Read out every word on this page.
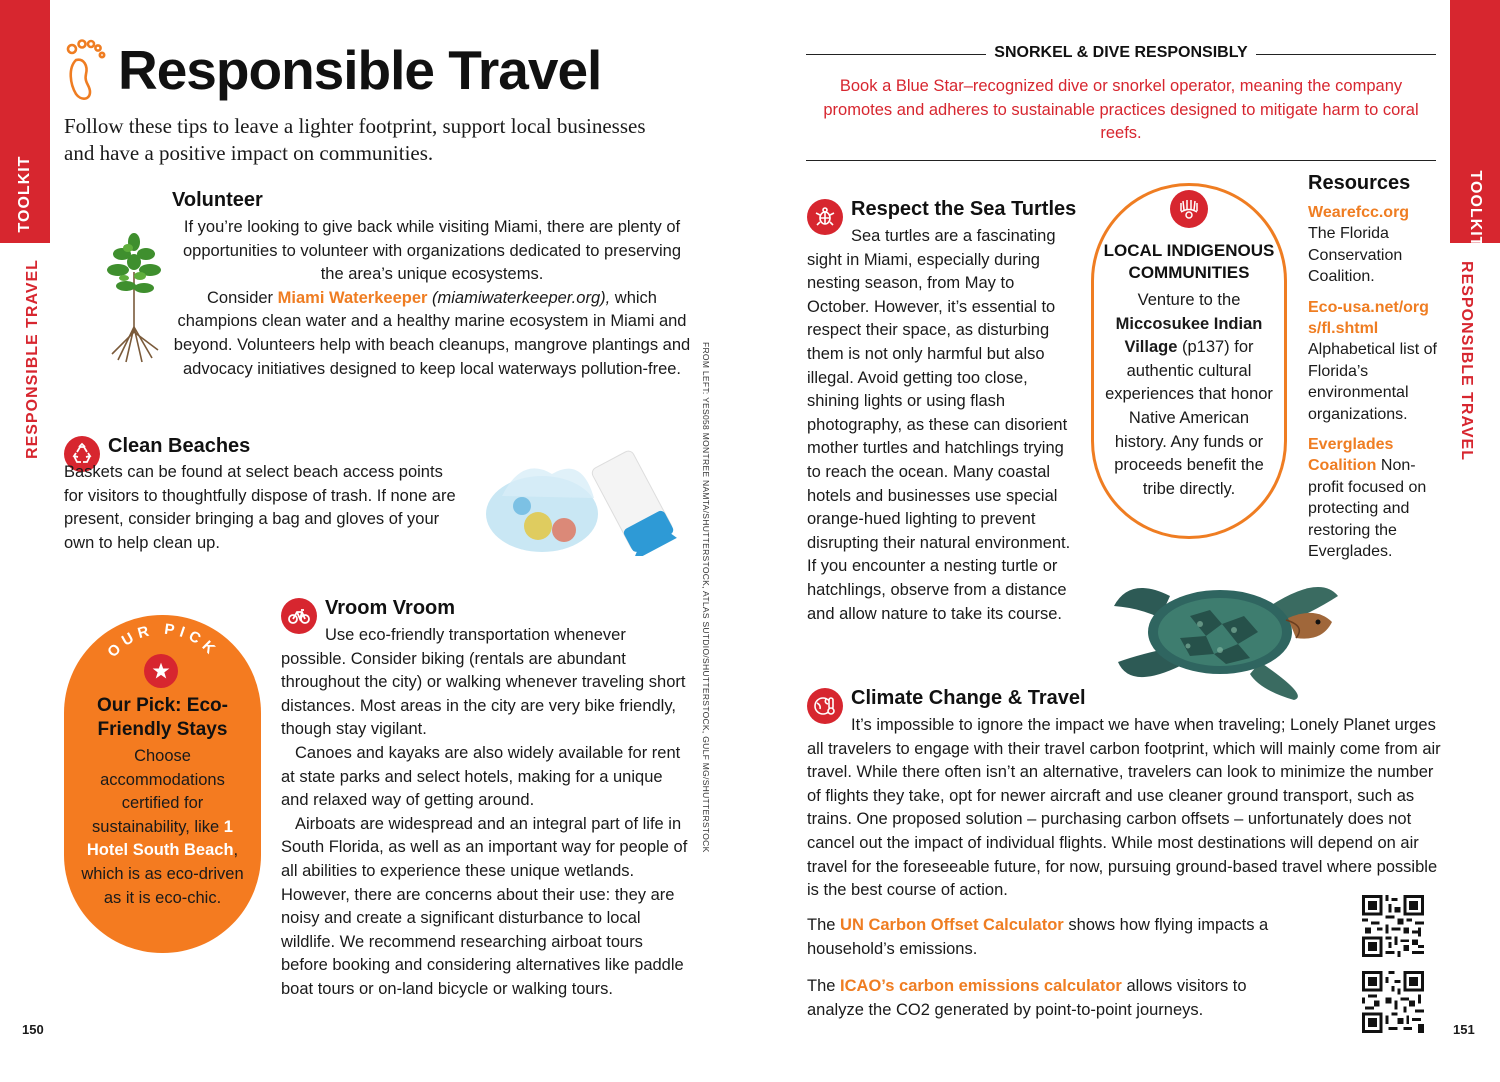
TOOLKIT
RESPONSIBLE TRAVEL
TOOLKIT
RESPONSIBLE TRAVEL
Responsible Travel

Follow these tips to leave a lighter footprint, support local businesses and have a positive impact on communities.

Volunteer

If you’re looking to give back while visiting Miami, there are plenty of opportunities to volunteer with organizations dedicated to preserving the area’s unique ecosystems.

Consider Miami Waterkeeper (miamiwaterkeeper.org), which champions clean water and a healthy marine ecosystem in Miami and beyond. Volunteers help with beach cleanups, mangrove plantings and advocacy initiatives designed to keep local waterways pollution-free.

Clean Beaches

Baskets can be found at select beach access points for visitors to thoughtfully dispose of trash. If none are present, consider bringing a bag and gloves of your own to help clean up.

OUR PICK
Our Pick: Eco-Friendly Stays

Choose accommodations certified for sustainability, like 1 Hotel South Beach, which is as eco-driven as it is eco-chic.

Vroom Vroom

Use eco-friendly transportation whenever possible. Consider biking (rentals are abundant throughout the city) or walking whenever traveling short distances. Most areas in the city are very bike friendly, though stay vigilant.

Canoes and kayaks are also widely available for rent at state parks and select hotels, making for a unique and relaxed way of getting around.

Airboats are widespread and an integral part of life in South Florida, as well as an important way for people of all abilities to experience these unique wetlands. However, there are concerns about their use: they are noisy and create a significant disturbance to local wildlife. We recommend researching airboat tours before booking and considering alternatives like paddle boat tours or on-land bicycle or walking tours.

FROM LEFT: YES058 MONTREE NAMTA/SHUTTERSTOCK, ATLAS SUTDIO/SHUTTERSTOCK, GULF MG/SHUTTERSTOCK
150	151
SNORKEL & DIVE RESPONSIBLY

Book a Blue Star–recognized dive or snorkel operator, meaning the company promotes and adheres to sustainable practices designed to mitigate harm to coral reefs.

Respect the Sea Turtles

Sea turtles are a fascinating sight in Miami, especially during nesting season, from May to October. However, it’s essential to respect their space, as disturbing them is not only harmful but also illegal. Avoid getting too close, shining lights or using flash photography, as these can disorient mother turtles and hatchlings trying to reach the ocean. Many coastal hotels and businesses use special orange-hued lighting to prevent disrupting their natural environment. If you encounter a nesting turtle or hatchlings, observe from a distance and allow nature to take its course.

LOCAL INDIGENOUS COMMUNITIES

Venture to the Miccosukee Indian Village (p137) for authentic cultural experiences that honor Native American history. Any funds or proceeds benefit the tribe directly.

Resources
Wearefcc.org
The Florida Conservation Coalition.
Eco-usa.net/orgs/fl.shtml
Alphabetical list of Florida’s environmental organizations.
Everglades Coalition Non-profit focused on protecting and restoring the Everglades.
Climate Change & Travel

It’s impossible to ignore the impact we have when traveling; Lonely Planet urges all travelers to engage with their travel carbon footprint, which will mainly come from air travel. While there often isn’t an alternative, travelers can look to minimize the number of flights they take, opt for newer aircraft and use cleaner ground transport, such as trains. One proposed solution – purchasing carbon offsets – unfortunately does not cancel out the impact of individual flights. While most destinations will depend on air travel for the foreseeable future, for now, pursuing ground-based travel where possible is the best course of action.

The UN Carbon Offset Calculator shows how flying impacts a household’s emissions.

The ICAO’s carbon emissions calculator allows visitors to analyze the CO2 generated by point-to-point journeys.
